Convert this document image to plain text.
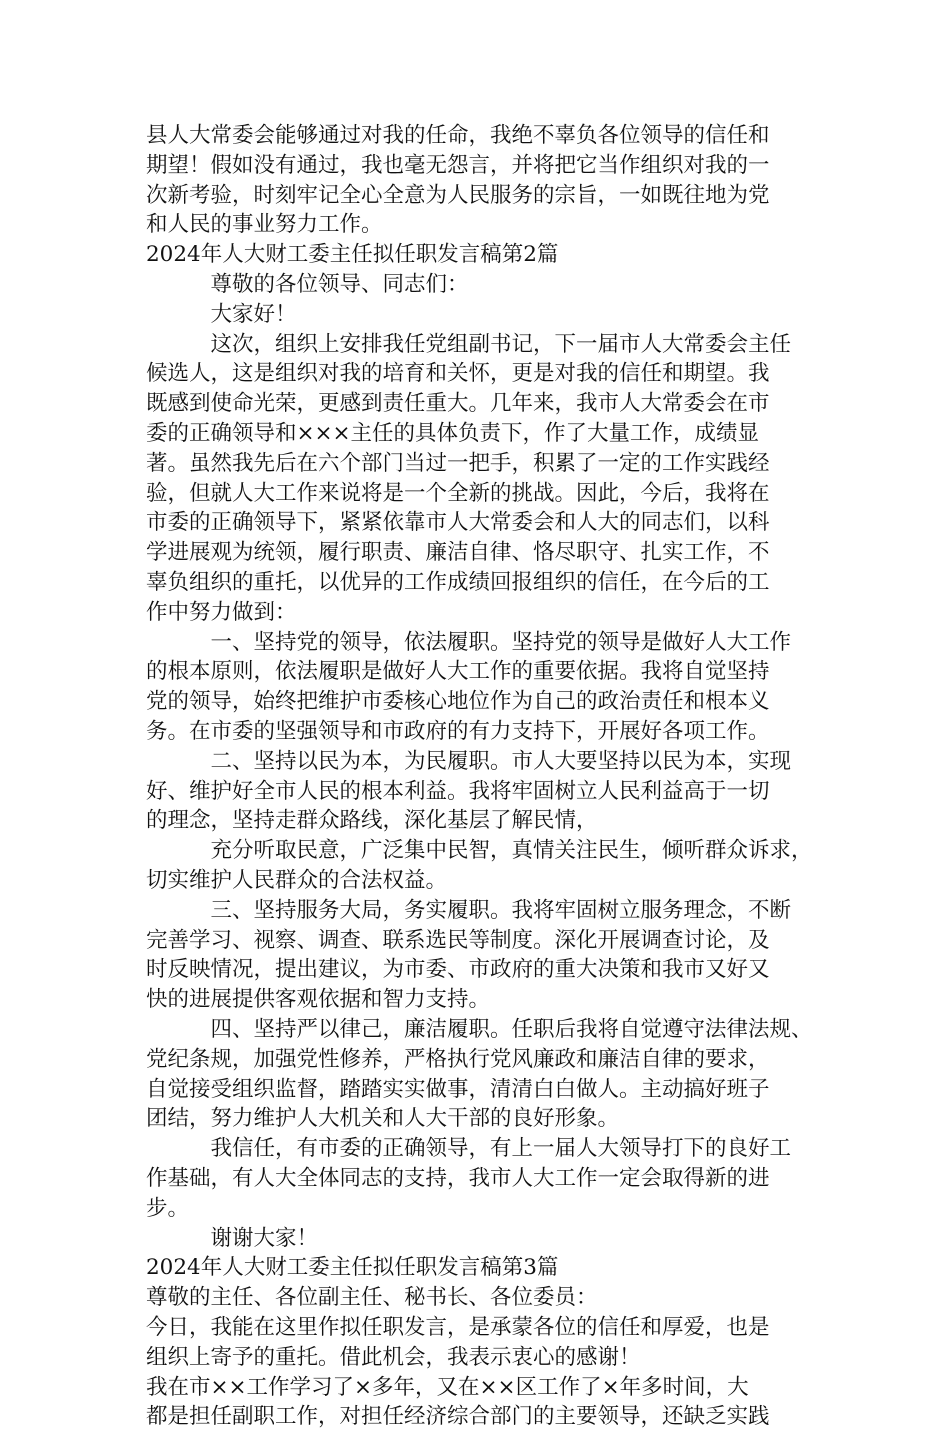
县人大常委会能够通过对我的任命，我绝不辜负各位领导的信任和
期望！假如没有通过，我也毫无怨言，并将把它当作组织对我的一
次新考验，时刻牢记全心全意为人民服务的宗旨，一如既往地为党
和人民的事业努力工作。
2024年人大财工委主任拟任职发言稿第2篇
　　　尊敬的各位领导、同志们：
　　　大家好！
　　　这次，组织上安排我任党组副书记，下一届市人大常委会主任
候选人，这是组织对我的培育和关怀，更是对我的信任和期望。我
既感到使命光荣，更感到责任重大。几年来，我市人大常委会在市
委的正确领导和×××主任的具体负责下，作了大量工作，成绩显
著。虽然我先后在六个部门当过一把手，积累了一定的工作实践经
验，但就人大工作来说将是一个全新的挑战。因此，今后，我将在
市委的正确领导下，紧紧依靠市人大常委会和人大的同志们，以科
学进展观为统领，履行职责、廉洁自律、恪尽职守、扎实工作，不
辜负组织的重托，以优异的工作成绩回报组织的信任，在今后的工
作中努力做到：
　　　一、坚持党的领导，依法履职。坚持党的领导是做好人大工作
的根本原则，依法履职是做好人大工作的重要依据。我将自觉坚持
党的领导，始终把维护市委核心地位作为自己的政治责任和根本义
务。在市委的坚强领导和市政府的有力支持下，开展好各项工作。
　　　二、坚持以民为本，为民履职。市人大要坚持以民为本，实现
好、维护好全市人民的根本利益。我将牢固树立人民利益高于一切
的理念，坚持走群众路线，深化基层了解民情，
　　　充分听取民意，广泛集中民智，真情关注民生，倾听群众诉求，
切实维护人民群众的合法权益。
　　　三、坚持服务大局，务实履职。我将牢固树立服务理念，不断
完善学习、视察、调查、联系选民等制度。深化开展调查讨论，及
时反映情况，提出建议，为市委、市政府的重大决策和我市又好又
快的进展提供客观依据和智力支持。
　　　四、坚持严以律己，廉洁履职。任职后我将自觉遵守法律法规、
党纪条规，加强党性修养，严格执行党风廉政和廉洁自律的要求，
自觉接受组织监督，踏踏实实做事，清清白白做人。主动搞好班子
团结，努力维护人大机关和人大干部的良好形象。
　　　我信任，有市委的正确领导，有上一届人大领导打下的良好工
作基础，有人大全体同志的支持，我市人大工作一定会取得新的进
步。
　　　谢谢大家！
2024年人大财工委主任拟任职发言稿第3篇
尊敬的主任、各位副主任、秘书长、各位委员：
今日，我能在这里作拟任职发言，是承蒙各位的信任和厚爱，也是
组织上寄予的重托。借此机会，我表示衷心的感谢！
我在市××工作学习了×多年，又在××区工作了×年多时间，大
都是担任副职工作，对担任经济综合部门的主要领导，还缺乏实践
